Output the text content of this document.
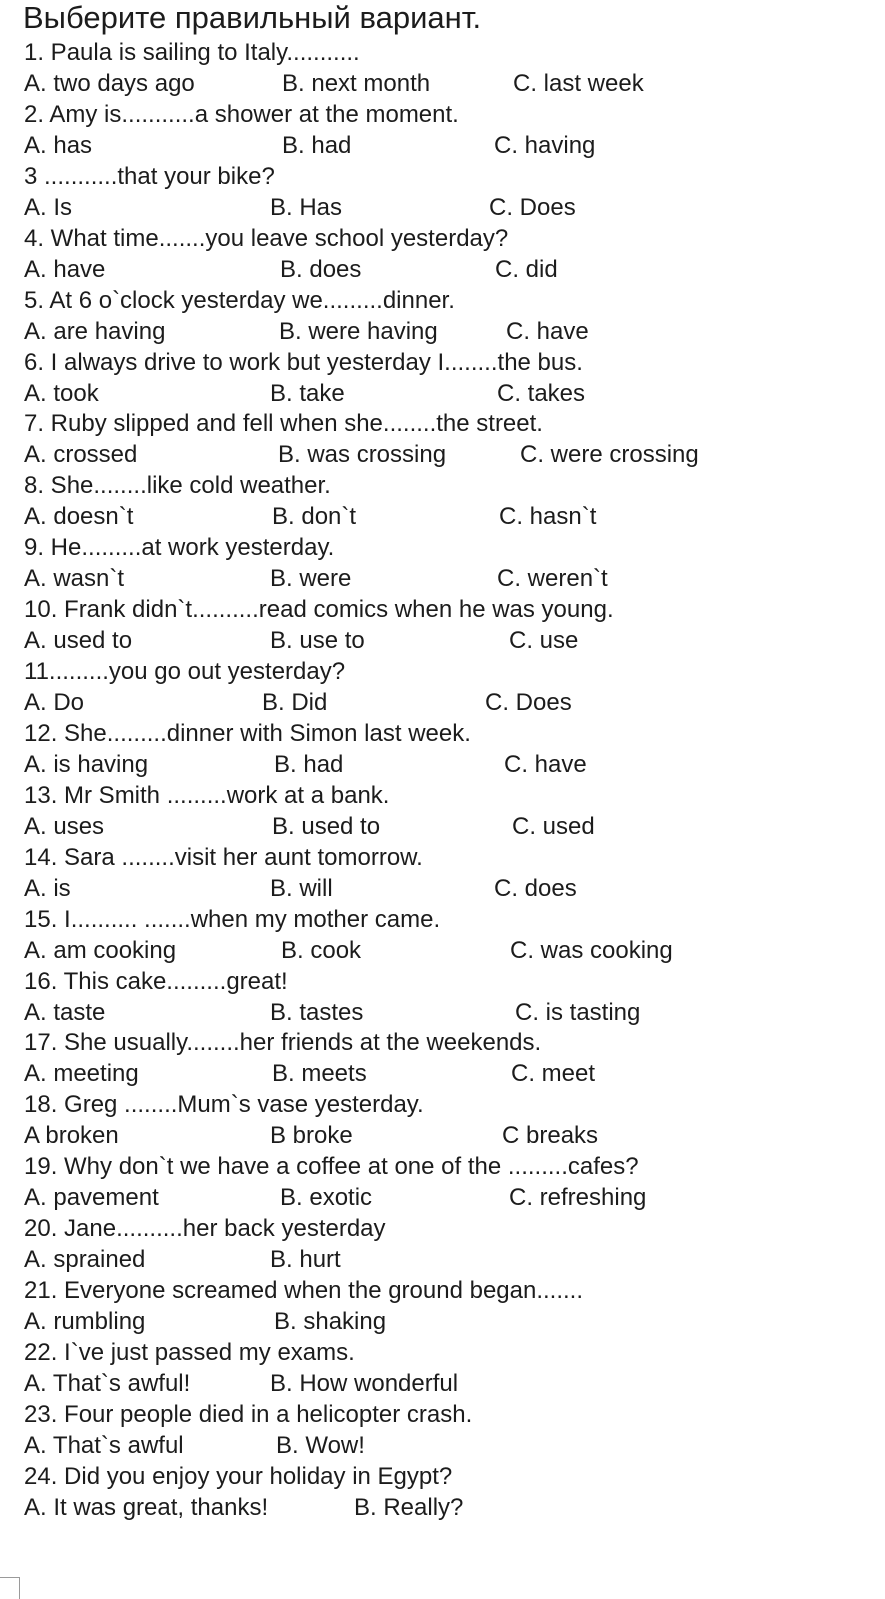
Выберите правильный вариант.
1. Paula is sailing to Italy...........
A. two days ago	B. next month	C. last week
2. Amy is...........a shower at the moment.
A. has	B. had	C. having
3 ...........that your bike?
A. Is	B. Has	C. Does
4. What time.......you leave school yesterday?
A. have	B. does	C. did
5. At 6 o`clock yesterday we.........dinner.
A. are having	B. were having	C. have
6. I always drive to work but yesterday I........the bus.
A. took	B. take	C. takes
7. Ruby slipped and fell when she........the street.
A. crossed	B. was crossing	C. were crossing
8. She........like cold weather.
A. doesn`t	B. don`t	C. hasn`t
9. He.........at work yesterday.
A. wasn`t	B. were	C. weren`t
10. Frank didn`t..........read comics when he was young.
A. used to	B. use to	C. use
11.........you go out yesterday?
A. Do	B. Did	C. Does
12. She.........dinner with Simon last week.
A. is having	B. had	C. have
13. Mr Smith .........work at a bank.
A. uses	B. used to	C. used
14. Sara ........visit her aunt tomorrow.
A. is	B. will	C. does
15. I.......... .......when my mother came.
A. am cooking	B. cook	C. was cooking
16. This cake.........great!
A. taste	B. tastes	C. is tasting
17. She usually........her friends at the weekends.
A. meeting	B. meets	C. meet
18. Greg ........Mum`s vase yesterday.
A broken	B broke	C breaks
19. Why don`t we have a coffee at one of the .........cafes?
A. pavement	B. exotic	C. refreshing
20. Jane..........her back yesterday
A. sprained	B. hurt
21. Everyone screamed when the ground began.......
A. rumbling	B. shaking
22. I`ve just passed my exams.
A. That`s awful!	B. How wonderful
23. Four people died in a helicopter crash.
A. That`s awful	B. Wow!
24. Did you enjoy your holiday in Egypt?
A. It was great, thanks!	B. Really?
